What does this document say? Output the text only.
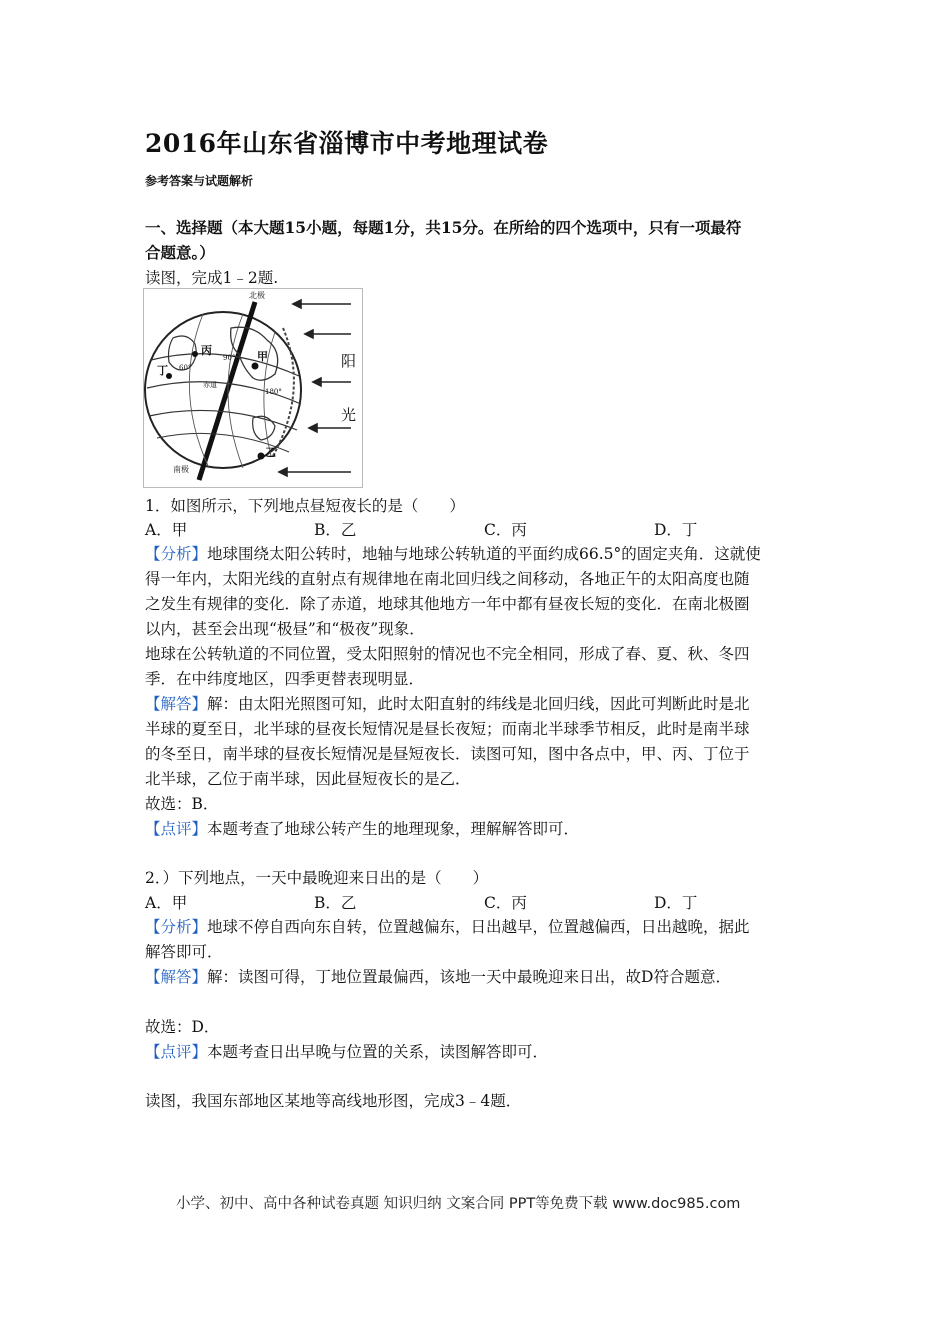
2016年山东省淄博市中考地理试卷
参考答案与试题解析
一、选择题（本大题15小题，每题1分，共15分。在所给的四个选项中，只有一项最符
合题意。）
读图，完成1﹣2题.
北极
南极
阳
光
甲
乙
丙
丁
赤道
60°
90°
180°
1．如图所示，下列地点昼短夜长的是（　　）
A．甲	B．乙	C．丙	D．丁
【分析】地球围绕太阳公转时，地轴与地球公转轨道的平面约成66.5°的固定夹角．这就使
得一年内，太阳光线的直射点有规律地在南北回归线之间移动，各地正午的太阳高度也随
之发生有规律的变化．除了赤道，地球其他地方一年中都有昼夜长短的变化．在南北极圈
以内，甚至会出现“极昼”和“极夜”现象．
地球在公转轨道的不同位置，受太阳照射的情况也不完全相同，形成了春、夏、秋、冬四
季．在中纬度地区，四季更替表现明显．
【解答】解：由太阳光照图可知，此时太阳直射的纬线是北回归线，因此可判断此时是北
半球的夏至日，北半球的昼夜长短情况是昼长夜短；而南北半球季节相反，此时是南半球
的冬至日，南半球的昼夜长短情况是昼短夜长．读图可知，图中各点中，甲、丙、丁位于
北半球，乙位于南半球，因此昼短夜长的是乙．
故选：B．
【点评】本题考查了地球公转产生的地理现象，理解解答即可．
2．）下列地点，一天中最晚迎来日出的是（　　）
A．甲	B．乙	C．丙	D．丁
【分析】地球不停自西向东自转，位置越偏东，日出越早，位置越偏西，日出越晚，据此
解答即可．
【解答】解：读图可得，丁地位置最偏西，该地一天中最晚迎来日出，故D符合题意．
故选：D．
【点评】本题考查日出早晚与位置的关系，读图解答即可．
读图，我国东部地区某地等高线地形图，完成3﹣4题．
小学、初中、高中各种试卷真题 知识归纳 文案合同 PPT等免费下载 www.doc985.com
